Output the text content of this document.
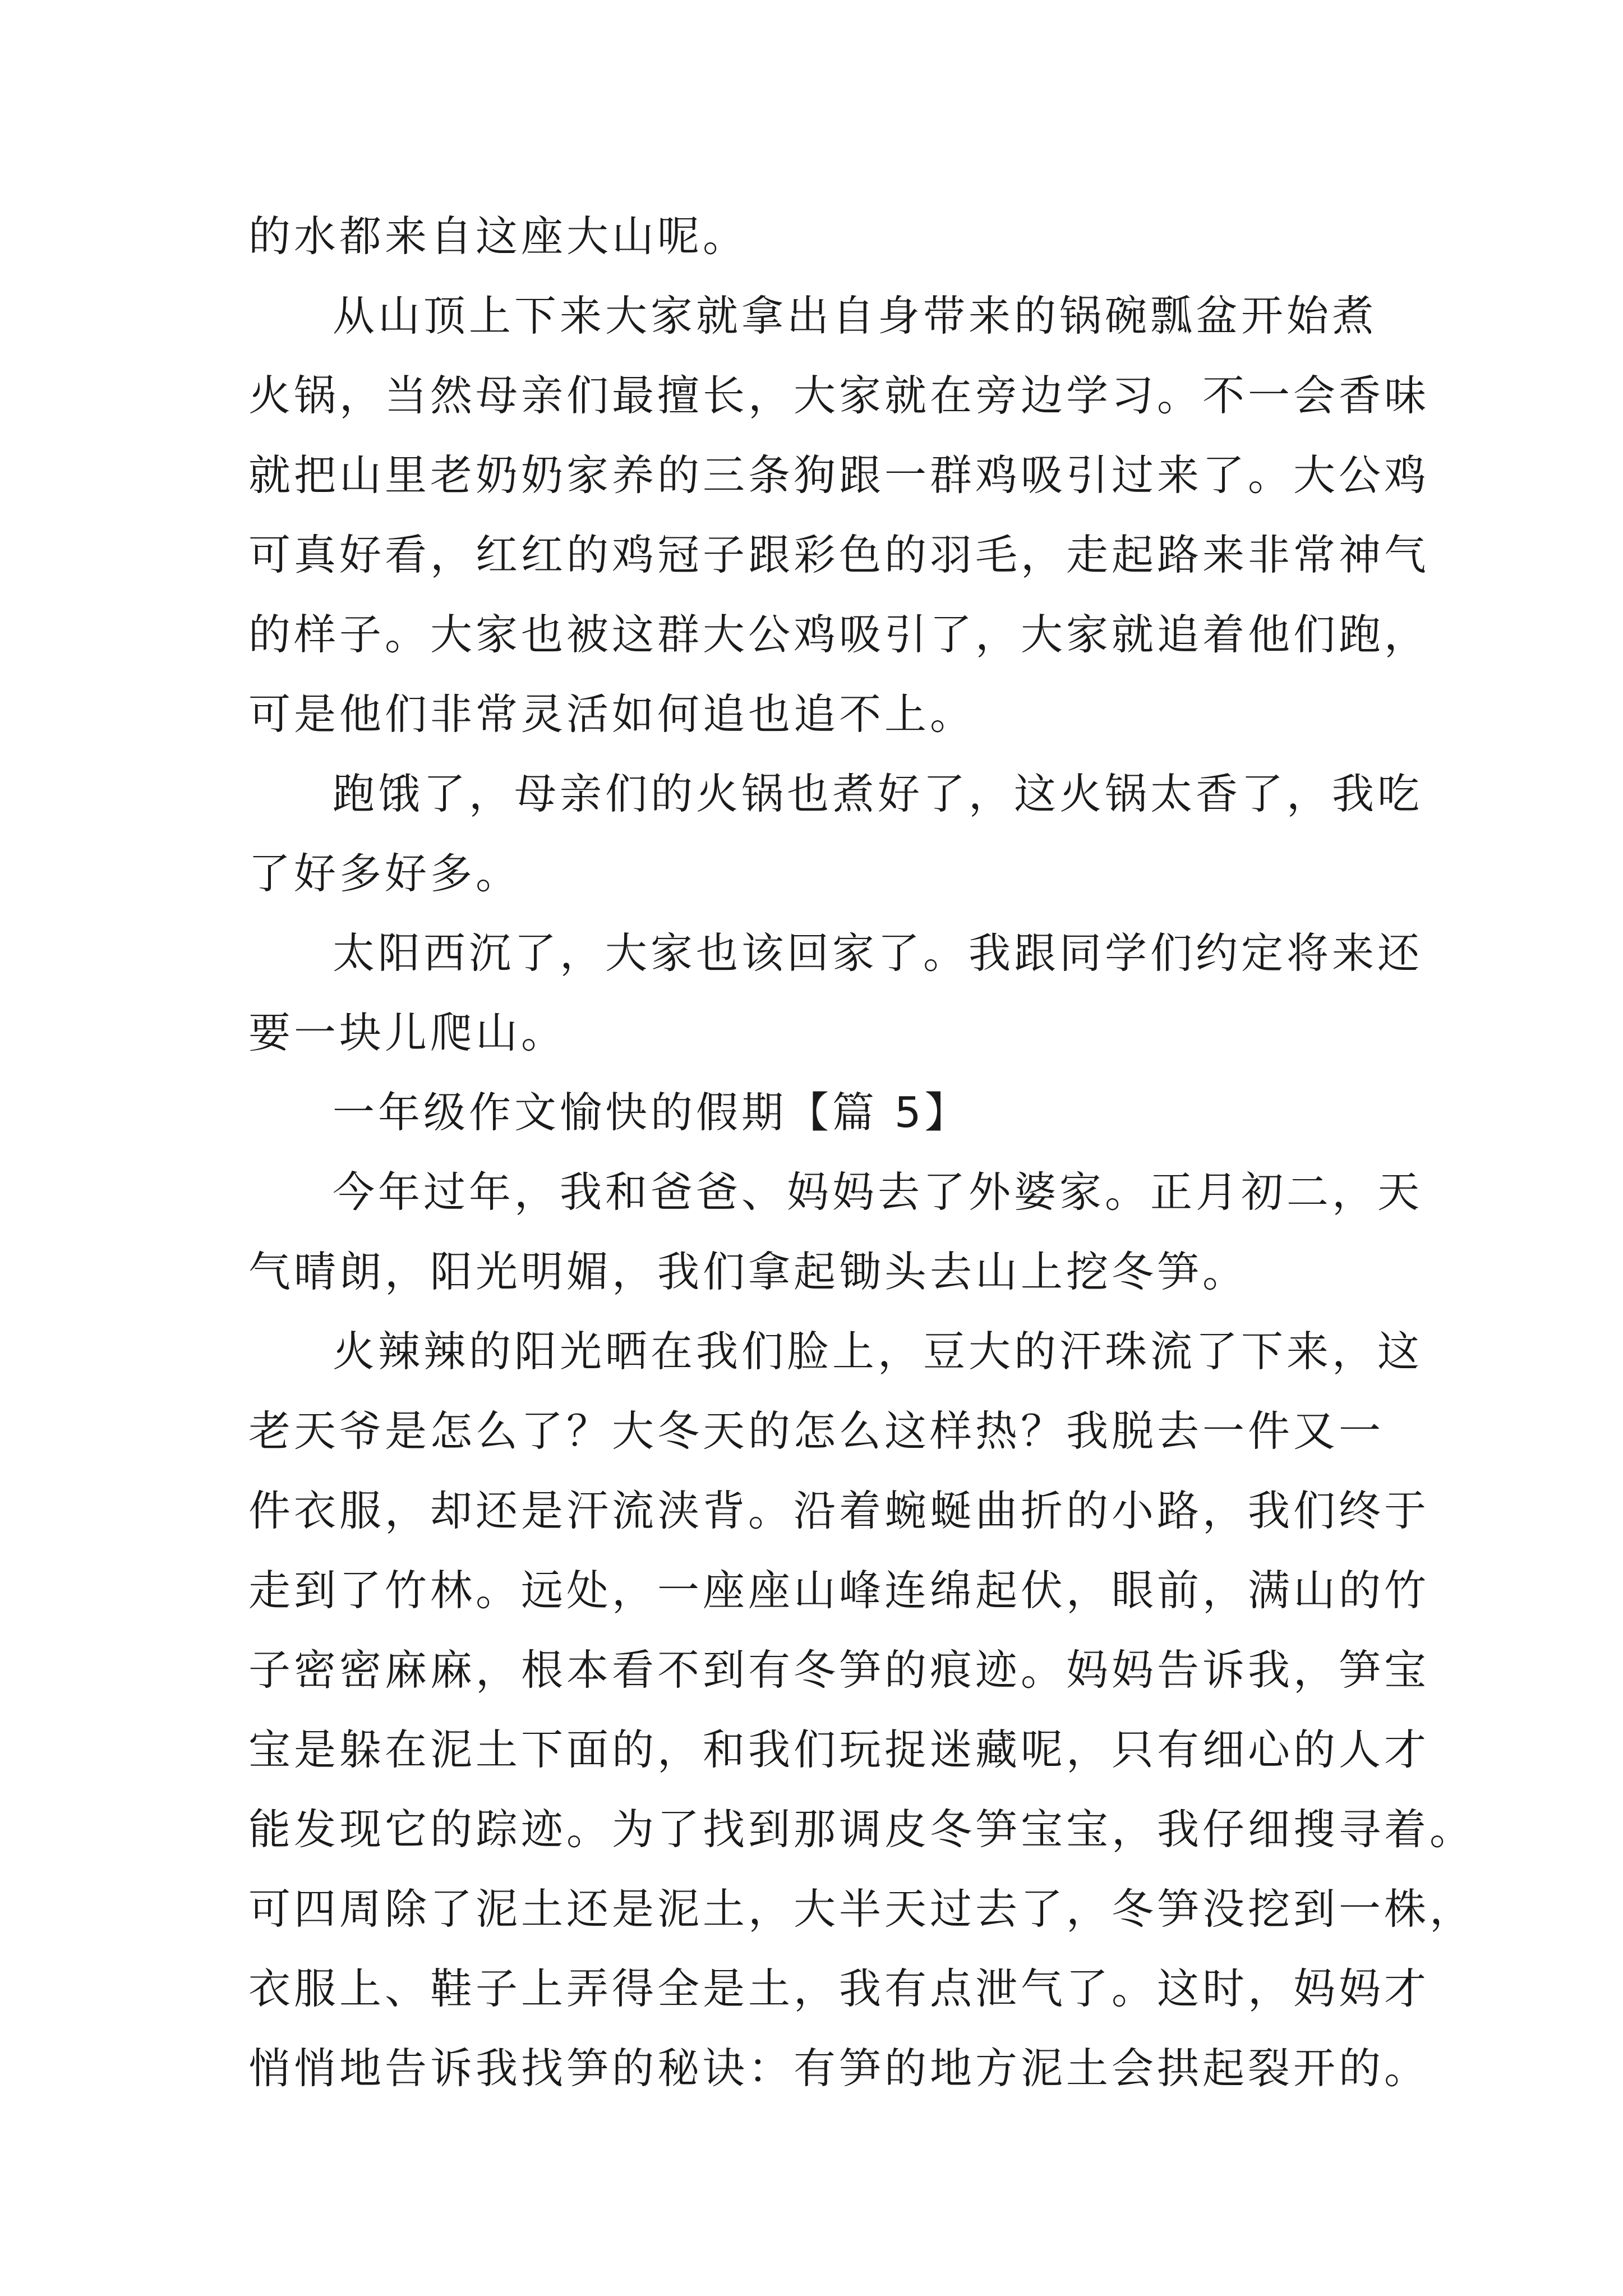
的水都来自这座大山呢。
从山顶上下来大家就拿出自身带来的锅碗瓢盆开始煮
火锅，当然母亲们最擅长，大家就在旁边学习。不一会香味
就把山里老奶奶家养的三条狗跟一群鸡吸引过来了。大公鸡
可真好看，红红的鸡冠子跟彩色的羽毛，走起路来非常神气
的样子。大家也被这群大公鸡吸引了，大家就追着他们跑，
可是他们非常灵活如何追也追不上。
跑饿了，母亲们的火锅也煮好了，这火锅太香了，我吃
了好多好多。
太阳西沉了，大家也该回家了。我跟同学们约定将来还
要一块儿爬山。
一年级作文愉快的假期【篇 5】
今年过年，我和爸爸、妈妈去了外婆家。正月初二，天
气晴朗，阳光明媚，我们拿起锄头去山上挖冬笋。
火辣辣的阳光晒在我们脸上，豆大的汗珠流了下来，这
老天爷是怎么了？大冬天的怎么这样热？我脱去一件又一
件衣服，却还是汗流浃背。沿着蜿蜒曲折的小路，我们终于
走到了竹林。远处，一座座山峰连绵起伏，眼前，满山的竹
子密密麻麻，根本看不到有冬笋的痕迹。妈妈告诉我，笋宝
宝是躲在泥土下面的，和我们玩捉迷藏呢，只有细心的人才
能发现它的踪迹。为了找到那调皮冬笋宝宝，我仔细搜寻着。
可四周除了泥土还是泥土，大半天过去了，冬笋没挖到一株，
衣服上、鞋子上弄得全是土，我有点泄气了。这时，妈妈才
悄悄地告诉我找笋的秘诀：有笋的地方泥土会拱起裂开的。
